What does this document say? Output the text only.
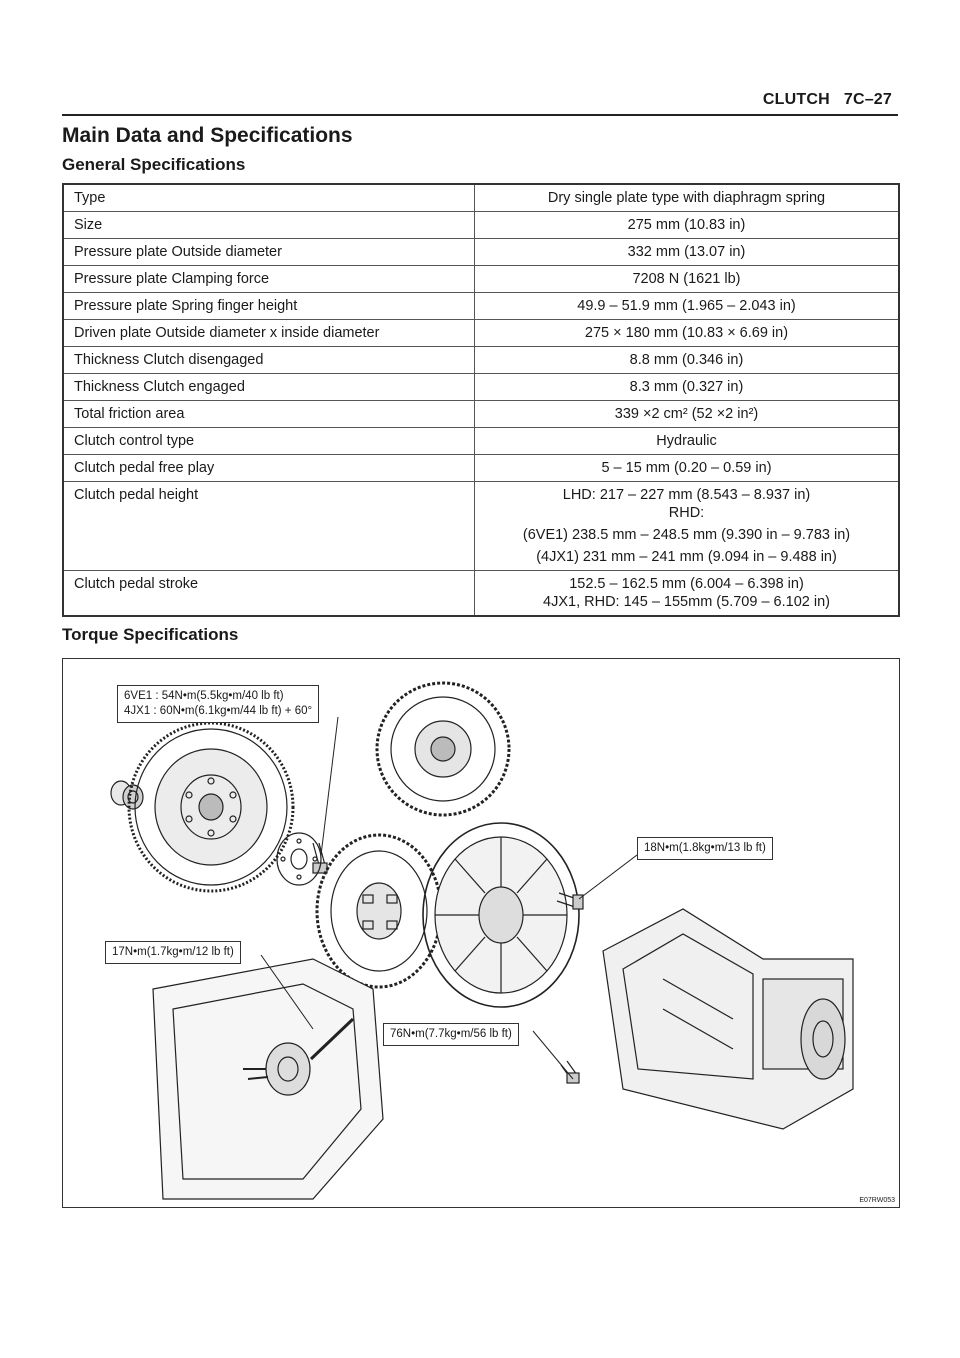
CLUTCH 7C–27
Main Data and Specifications
General Specifications
Type	Dry single plate type with diaphragm spring

Size	275 mm (10.83 in)

Pressure plate Outside diameter	332 mm (13.07 in)

Pressure plate Clamping force	7208 N (1621 lb)

Pressure plate Spring finger height	49.9 – 51.9 mm (1.965 – 2.043 in)

Driven plate Outside diameter x inside diameter	275 × 180 mm (10.83 × 6.69 in)

Thickness Clutch disengaged	8.8 mm (0.346 in)

Thickness Clutch engaged	8.3 mm (0.327 in)

Total friction area	339 ×2 cm² (52 ×2 in²)

Clutch control type	Hydraulic

Clutch pedal free play	5 – 15 mm (0.20 – 0.59 in)

Clutch pedal height	LHD: 217 – 227 mm (8.543 – 8.937 in)
RHD:
(6VE1) 238.5 mm – 248.5 mm (9.390 in – 9.783 in)
(4JX1) 231 mm – 241 mm (9.094 in – 9.488 in)

Clutch pedal stroke	152.5 – 162.5 mm (6.004 – 6.398 in)
4JX1, RHD: 145 – 155mm (5.709 – 6.102 in)
Torque Specifications
6VE1 : 54N•m(5.5kg•m/40 lb ft)
4JX1 : 60N•m(6.1kg•m/44 lb ft) + 60°
18N•m(1.8kg•m/13 lb ft)
17N•m(1.7kg•m/12 lb ft)
76N•m(7.7kg•m/56 lb ft)
E07RW053
